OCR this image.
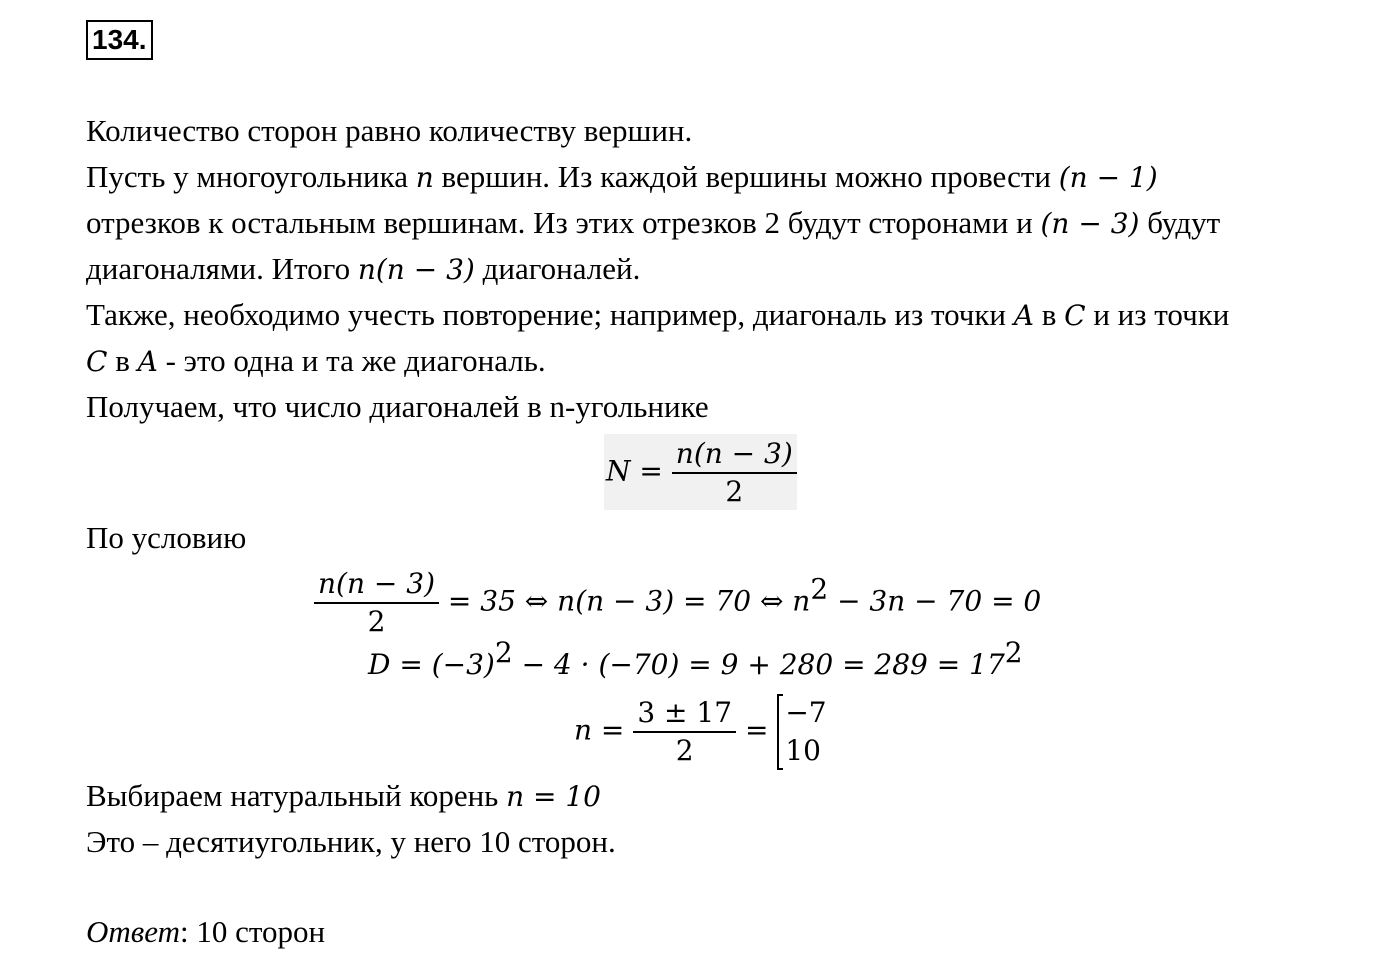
134.
Количество сторон равно количеству вершин.
Пусть у многоугольника n вершин. Из каждой вершины можно провести (n − 1)
отрезков к остальным вершинам. Из этих отрезков 2 будут сторонами и (n − 3) будут
диагоналями. Итого n(n − 3) диагоналей.
Также, необходимо учесть повторение; например, диагональ из точки A в C и из точки
C в A - это одна и та же диагональ.
Получаем, что число диагоналей в n-угольнике
$N = \frac{n(n - 3)}{2}$
По условию
$\frac{n(n - 3)}{2} = 35$ ⇔ n(n − 3) = 70 ⇔ $n^2 - 3n - 70 = 0$
$D = (-3)^2 - 4 \cdot (-70) = 9 + 280 = 289 = 17^2$
$n = \frac{3 \pm 17}{2}$ =
−7
10
Выбираем натуральный корень n = 10
Это – десятиугольник, у него 10 сторон.
Ответ: 10 сторон
